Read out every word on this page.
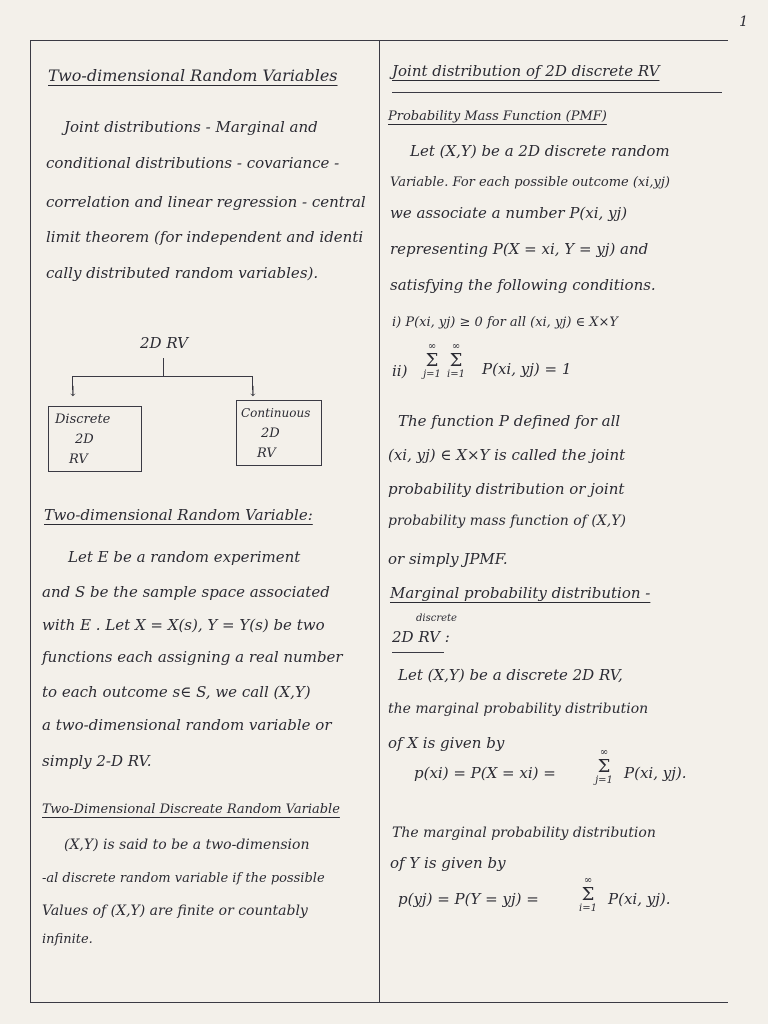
1
Two-dimensional Random Variables
Joint distributions - Marginal and
conditional distributions - covariance -
correlation and linear regression - central
limit theorem (for independent and identi
cally distributed random variables).
2D RV
↓	↓
Discrete
2D
RV
Continuous
2D
RV
Two-dimensional Random Variable:
Let E be a random experiment
and S be the sample space associated
with E . Let X = X(s), Y = Y(s) be two
functions each assigning a real number
to each outcome s∈ S, we call (X,Y)
a two-dimensional random variable or
simply 2-D RV.
Two-Dimensional Discreate Random Variable
(X,Y) is said to be a two-dimension
-al discrete random variable if the possible
Values of (X,Y) are finite or countably
infinite.
Joint distribution of 2D discrete RV
Probability Mass Function (PMF)
Let (X,Y) be a 2D discrete random
Variable. For each possible outcome (xi,yj)
we associate a number P(xi, yj)
representing P(X = xi, Y = yj) and
satisfying the following conditions.
i) P(xi, yj) ≥ 0 for all (xi, yj) ∈ X×Y
ii)
∞
Σ
j=1
∞
Σ
i=1 P(xi, yj) = 1
The function P defined for all
(xi, yj) ∈ X×Y is called the joint
probability distribution or joint
probability mass function of (X,Y)
or simply JPMF.
Marginal probability distribution -
discrete
2D RV :
Let (X,Y) be a discrete 2D RV,
the marginal probability distribution
of X is given by
p(xi) = P(X = xi) =
∞
Σ
j=1 P(xi, yj).
The marginal probability distribution
of Y is given by
p(yj) = P(Y = yj) =
∞
Σ
i=1
P(xi, yj).
